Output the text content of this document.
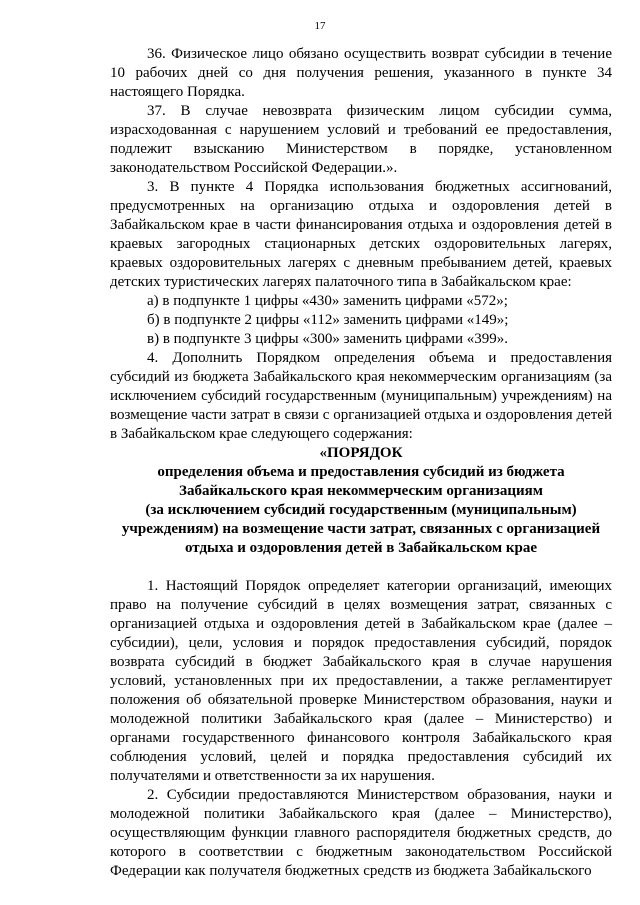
17

36. Физическое лицо обязано осуществить возврат субсидии в течение 10 рабочих дней со дня получения решения, указанного в пункте 34 настоящего Порядка.

37. В случае невозврата физическим лицом субсидии сумма, израсходованная с нарушением условий и требований ее предоставления, подлежит взысканию Министерством в порядке, установленном законодательством Российской Федерации.».

3. В пункте 4 Порядка использования бюджетных ассигнований, предусмотренных на организацию отдыха и оздоровления детей в Забайкальском крае в части финансирования отдыха и оздоровления детей в краевых загородных стационарных детских оздоровительных лагерях, краевых оздоровительных лагерях с дневным пребыванием детей, краевых детских туристических лагерях палаточного типа в Забайкальском крае:

а) в подпункте 1 цифры «430» заменить цифрами «572»;

б) в подпункте 2 цифры «112» заменить цифрами «149»;

в) в подпункте 3 цифры «300» заменить цифрами «399».

4. Дополнить Порядком определения объема и предоставления субсидий из бюджета Забайкальского края некоммерческим организациям (за исключением субсидий государственным (муниципальным) учреждениям) на возмещение части затрат в связи с организацией отдыха и оздоровления детей в Забайкальском крае следующего содержания:

«ПОРЯДОК

определения объема и предоставления субсидий из бюджета

Забайкальского края некоммерческим организациям

(за исключением субсидий государственным (муниципальным)

учреждениям) на возмещение части затрат, связанных с организацией

отдыха и оздоровления детей в Забайкальском крае

1. Настоящий Порядок определяет категории организаций, имеющих право на получение субсидий в целях возмещения затрат, связанных с организацией отдыха и оздоровления детей в Забайкальском крае (далее – субсидии), цели, условия и порядок предоставления субсидий, порядок возврата субсидий в бюджет Забайкальского края в случае нарушения условий, установленных при их предоставлении, а также регламентирует положения об обязательной проверке Министерством образования, науки и молодежной политики Забайкальского края (далее – Министерство) и органами государственного финансового контроля Забайкальского края соблюдения условий, целей и порядка предоставления субсидий их получателями и ответственности за их нарушения.

2. Субсидии предоставляются Министерством образования, науки и молодежной политики Забайкальского края (далее – Министерство), осуществляющим функции главного распорядителя бюджетных средств, до которого в соответствии с бюджетным законодательством Российской Федерации как получателя бюджетных средств из бюджета Забайкальского
